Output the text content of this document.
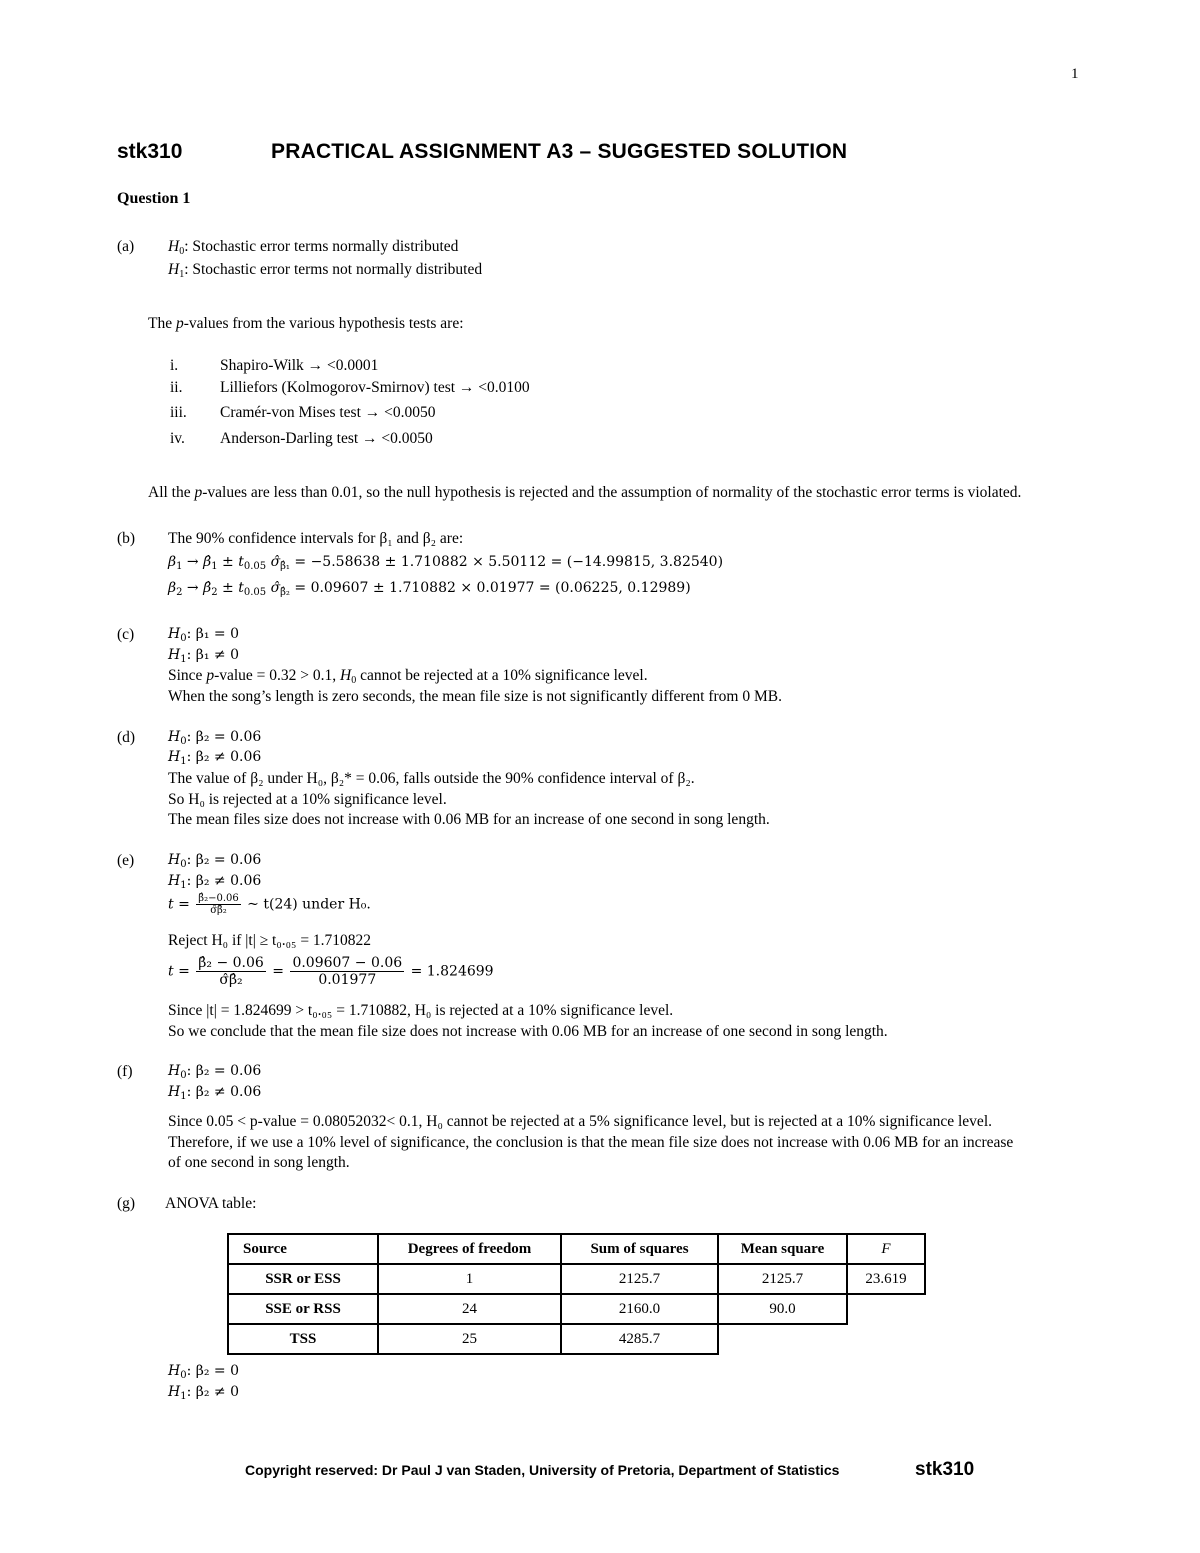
1
stk310	PRACTICAL ASSIGNMENT A3 – SUGGESTED SOLUTION
Question 1
(a) $H_0$: Stochastic error terms normally distributed
$H_1$: Stochastic error terms not normally distributed
The p-values from the various hypothesis tests are:
i.	Shapiro-Wilk → <0.0001
ii. Lilliefors (Kolmogorov-Smirnov) test → <0.0100
iii. Cramér-von Mises test → <0.0050
iv. Anderson-Darling test → <0.0050
All the p-values are less than 0.01, so the null hypothesis is rejected and the assumption of normality of the stochastic error terms is violated.
(b) The 90% confidence intervals for β₁ and β₂ are:
$\beta_1$ → $\betâ_1 \pm t_{0.05}$ $\sigmâ_{\betâ_1} = -5.58638 \pm 1.710882 \times 5.50112 = (-14.99815$, 3.82540)
$\beta_2$ → $\betâ_2 \pm t_{0.05}$ $\sigmâ_{\betâ_2} = 0.09607 \pm 1.710882 \times 0.01977 = (0.06225$, 0.12989)
(c) $H_0$: β₁ = 0
$H_1$: β₁ ≠ 0
Since p-value = 0.32 > 0.1, $H_0$ cannot be rejected at a 10% significance level.
When the song’s length is zero seconds, the mean file size is not significantly different from 0 MB.
(d) $H_0$: β₂ = 0.06
$H_1$: β₂ ≠ 0.06
The value of β₂ under H₀, β₂* = 0.06, falls outside the 90% confidence interval of β₂.
So H₀ is rejected at a 10% significance level.
The mean files size does not increase with 0.06 MB for an increase of one second in song length.
(e) $H_0$: β₂ = 0.06
$H_1$: β₂ ≠ 0.06
$t = \frac{\text{β̂₂−0.06}}{\text{σ̂β̂₂}}$ ~ t(24) under H₀.
Reject H₀ if |t| ≥ t₀.₀₅ = 1.710822
$t = \frac{\text{β̂₂ − 0.06}}{\text{σ̂β̂₂}} = \frac{0.09607 - 0.06}{0.01977} = 1.824699$
Since |t| = 1.824699 > t₀.₀₅ = 1.710882, H₀ is rejected at a 10% significance level.
So we conclude that the mean file size does not increase with 0.06 MB for an increase of one second in song length.
(f)	$H_0$: β₂ = 0.06
$H_1$: β₂ ≠ 0.06
Since 0.05 < p-value = 0.08052032< 0.1, H₀ cannot be rejected at a 5% significance level, but is rejected at a 10% significance level.
Therefore, if we use a 10% level of significance, the conclusion is that the mean file size does not increase with 0.06 MB for an increase
of one second in song length.
(g) ANOVA table:
Source	Degrees of freedom	Sum of squares	Mean square	F
SSR or ESS	1	2125.7	2125.7	23.619
SSE or RSS	24	2160.0	90.0	
TSS	25	4285.7		
$H_0$: β₂ = 0
$H_1$: β₂ ≠ 0
Copyright reserved: Dr Paul J van Staden, University of Pretoria, Department of Statistics	stk310
